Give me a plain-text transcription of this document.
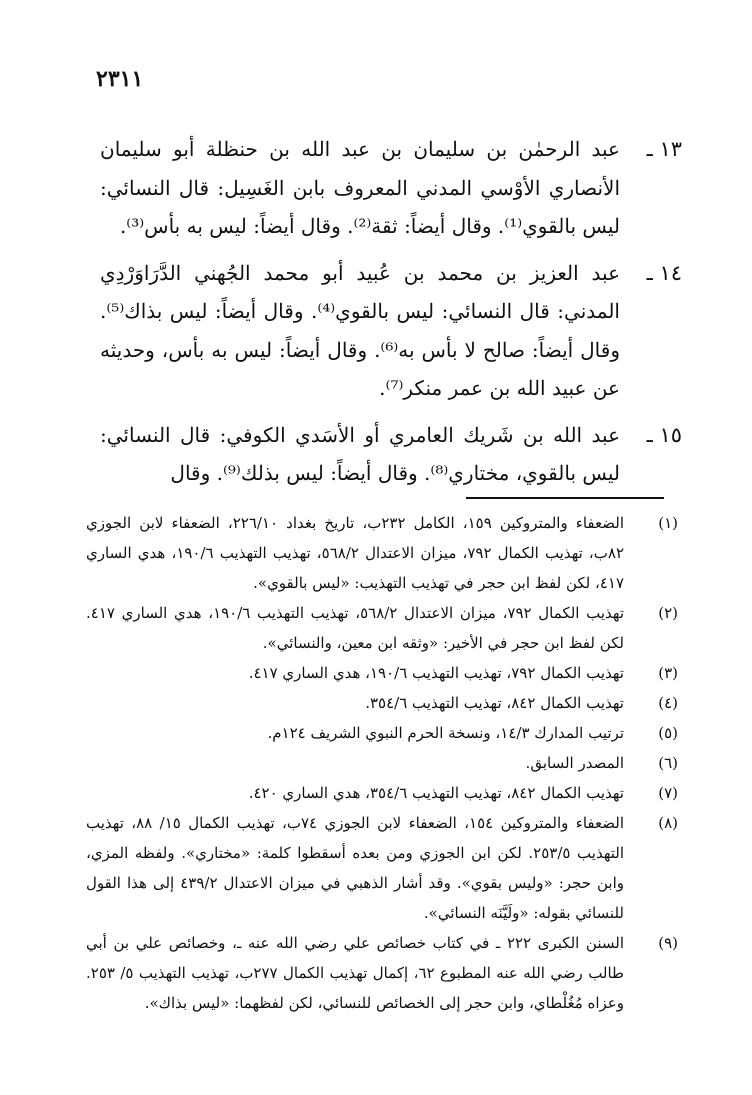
٢٣١١
١٣ ـ
عبد الرحمٰن بن سليمان بن عبد الله بن حنظلة أبو سليمان الأنصاري الأوْسي المدني المعروف بابن الغَسِيل: قال النسائي: ليس بالقوي⁽¹⁾. وقال أيضاً: ثقة⁽²⁾. وقال أيضاً: ليس به بأس⁽³⁾.
١٤ ـ
عبد العزيز بن محمد بن عُبيد أبو محمد الجُهني الدَّرَاوَرْدِي المدني: قال النسائي: ليس بالقوي⁽⁴⁾. وقال أيضاً: ليس بذاك⁽⁵⁾. وقال أيضاً: صالح لا بأس به⁽⁶⁾. وقال أيضاً: ليس به بأس، وحديثه عن عبيد الله بن عمر منكر⁽⁷⁾.
١٥ ـ
عبد الله بن شَريك العامري أو الأسَدي الكوفي: قال النسائي: ليس بالقوي، مختاري⁽⁸⁾. وقال أيضاً: ليس بذلك⁽⁹⁾. وقال
(١)
الضعفاء والمتروكين ١٥٩، الكامل ٢٣٢ب، تاريخ بغداد ٢٢٦/١٠، الضعفاء لابن الجوزي ٨٢ب، تهذيب الكمال ٧٩٢، ميزان الاعتدال ٥٦٨/٢، تهذيب التهذيب ١٩٠/٦، هدي الساري ٤١٧، لكن لفظ ابن حجر في تهذيب التهذيب: «ليس بالقوي».
(٢)
تهذيب الكمال ٧٩٢، ميزان الاعتدال ٥٦٨/٢، تهذيب التهذيب ١٩٠/٦، هدي الساري ٤١٧. لكن لفظ ابن حجر في الأخير: «وثقه ابن معين، والنسائي».
(٣)
تهذيب الكمال ٧٩٢، تهذيب التهذيب ١٩٠/٦، هدي الساري ٤١٧.
(٤)
تهذيب الكمال ٨٤٢، تهذيب التهذيب ٣٥٤/٦.
(٥)
ترتيب المدارك ١٤/٣، ونسخة الحرم النبوي الشريف ١٢٤م.
(٦)
المصدر السابق.
(٧)
تهذيب الكمال ٨٤٢، تهذيب التهذيب ٣٥٤/٦، هدي الساري ٤٢٠.
(٨)
الضعفاء والمتروكين ١٥٤، الضعفاء لابن الجوزي ٧٤ب، تهذيب الكمال ١٥/ ٨٨، تهذيب التهذيب ٢٥٣/٥. لكن ابن الجوزي ومن بعده أسقطوا كلمة: «مختاري». ولفظه المزي، وابن حجر: «وليس بقوي». وقد أشار الذهبي في ميزان الاعتدال ٤٣٩/٢ إلى هذا القول للنسائي بقوله: «ولَيَّنَه النسائي».
(٩)
السنن الكبرى ٢٢٢ ـ في كتاب خصائص علي رضي الله عنه ـ، وخصائص علي بن أبي طالب رضي الله عنه المطبوع ٦٢، إكمال تهذيب الكمال ٢٧٧ب، تهذيب التهذيب ٥/ ٢٥٣. وعزاه مُغُلْطاي، وابن حجر إلى الخصائص للنسائي، لكن لفظهما: «ليس بذاك».
